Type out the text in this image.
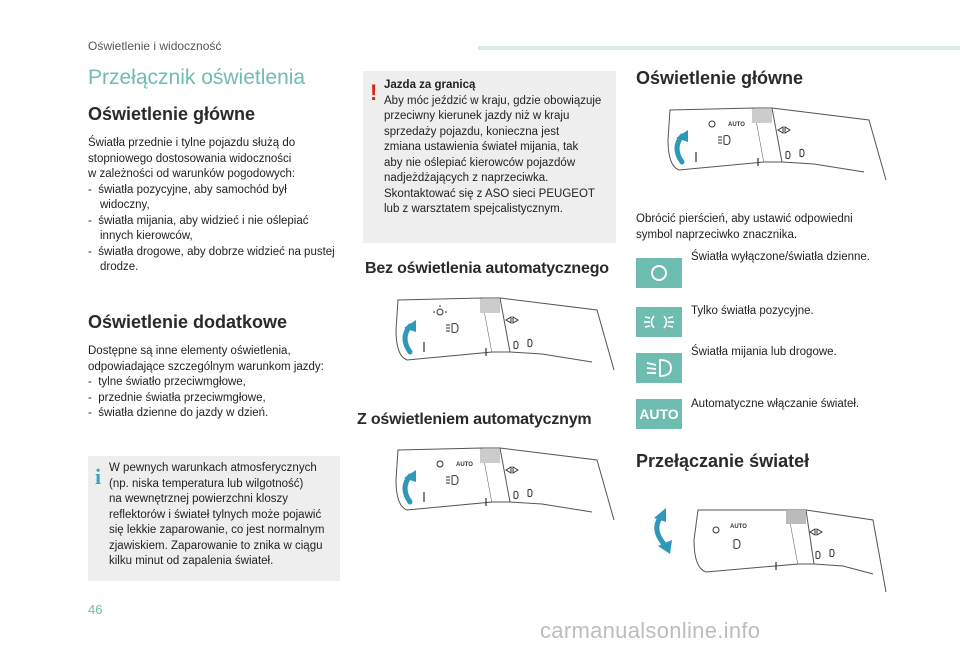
Oświetlenie i widoczność
Przełącznik oświetlenia
Oświetlenie główne

Światła przednie i tylne pojazdu służą do

stopniowego dostosowania widoczności

w zależności od warunków pogodowych:

-  światła pozycyjne, aby samochód był widoczny,

-  światła mijania, aby widzieć i nie oślepiać innych kierowców,

-  światła drogowe, aby dobrze widzieć na pustej drodze.

Oświetlenie dodatkowe

Dostępne są inne elementy oświetlenia,

odpowiadające szczególnym warunkom jazdy:

-  tylne światło przeciwmgłowe,

-  przednie światła przeciwmgłowe,

-  światła dzienne do jazdy w dzień.

i W pewnych warunkach atmosferycznych

(np. niska temperatura lub wilgotność)

na wewnętrznej powierzchni kloszy

reflektorów i świateł tylnych może pojawić

się lekkie zaparowanie, co jest normalnym

zjawiskiem. Zaparowanie to znika w ciągu

kilku minut od zapalenia świateł.

! Jazda za granicą

Aby móc jeździć w kraju, gdzie obowiązuje

przeciwny kierunek jazdy niż w kraju

sprzedaży pojazdu, konieczna jest

zmiana ustawienia świateł mijania, tak

aby nie oślepiać kierowców pojazdów

nadjeżdżających z naprzeciwka.

Skontaktować się z ASO sieci PEUGEOT

lub z warsztatem spejcalistycznym.

Bez oświetlenia automatycznego
Z oświetleniem automatycznym
AUTO
Oświetlenie główne
AUTO

Obrócić pierścień, aby ustawić odpowiedni

symbol naprzeciwko znacznika.

Światła wyłączone/światła dzienne.
Tylko światła pozycyjne.
Światła mijania lub drogowe.
AUTO
Automatyczne włączanie świateł.
Przełączanie świateł
AUTO
46
carmanualsonline.info
